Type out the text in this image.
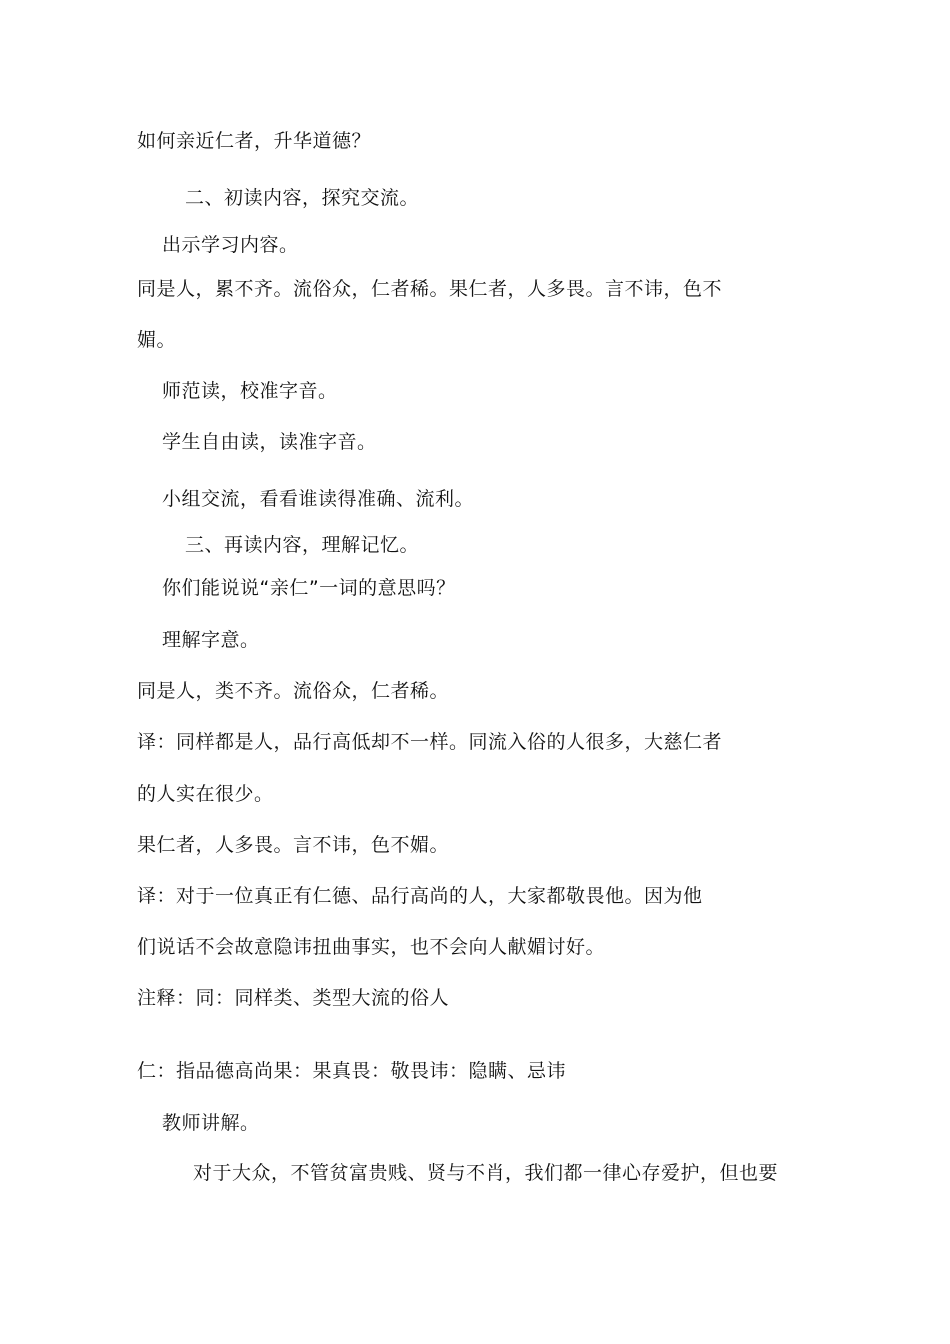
如何亲近仁者，升华道德？
二、初读内容，探究交流。
出示学习内容。
同是人，累不齐。流俗众，仁者稀。果仁者，人多畏。言不讳，色不
媚。
师范读，校准字音。
学生自由读，读准字音。
小组交流，看看谁读得准确、流利。
三、再读内容，理解记忆。
你们能说说“亲仁”一词的意思吗？
理解字意。
同是人，类不齐。流俗众，仁者稀。
译：同样都是人，品行高低却不一样。同流入俗的人很多，大慈仁者
的人实在很少。
果仁者，人多畏。言不讳，色不媚。
译：对于一位真正有仁德、品行高尚的人，大家都敬畏他。因为他
们说话不会故意隐讳扭曲事实，也不会向人献媚讨好。
注释：同：同样类、类型大流的俗人
仁：指品德高尚果：果真畏：敬畏讳：隐瞒、忌讳
教师讲解。
对于大众，不管贫富贵贱、贤与不肖，我们都一律心存爱护，但也要
